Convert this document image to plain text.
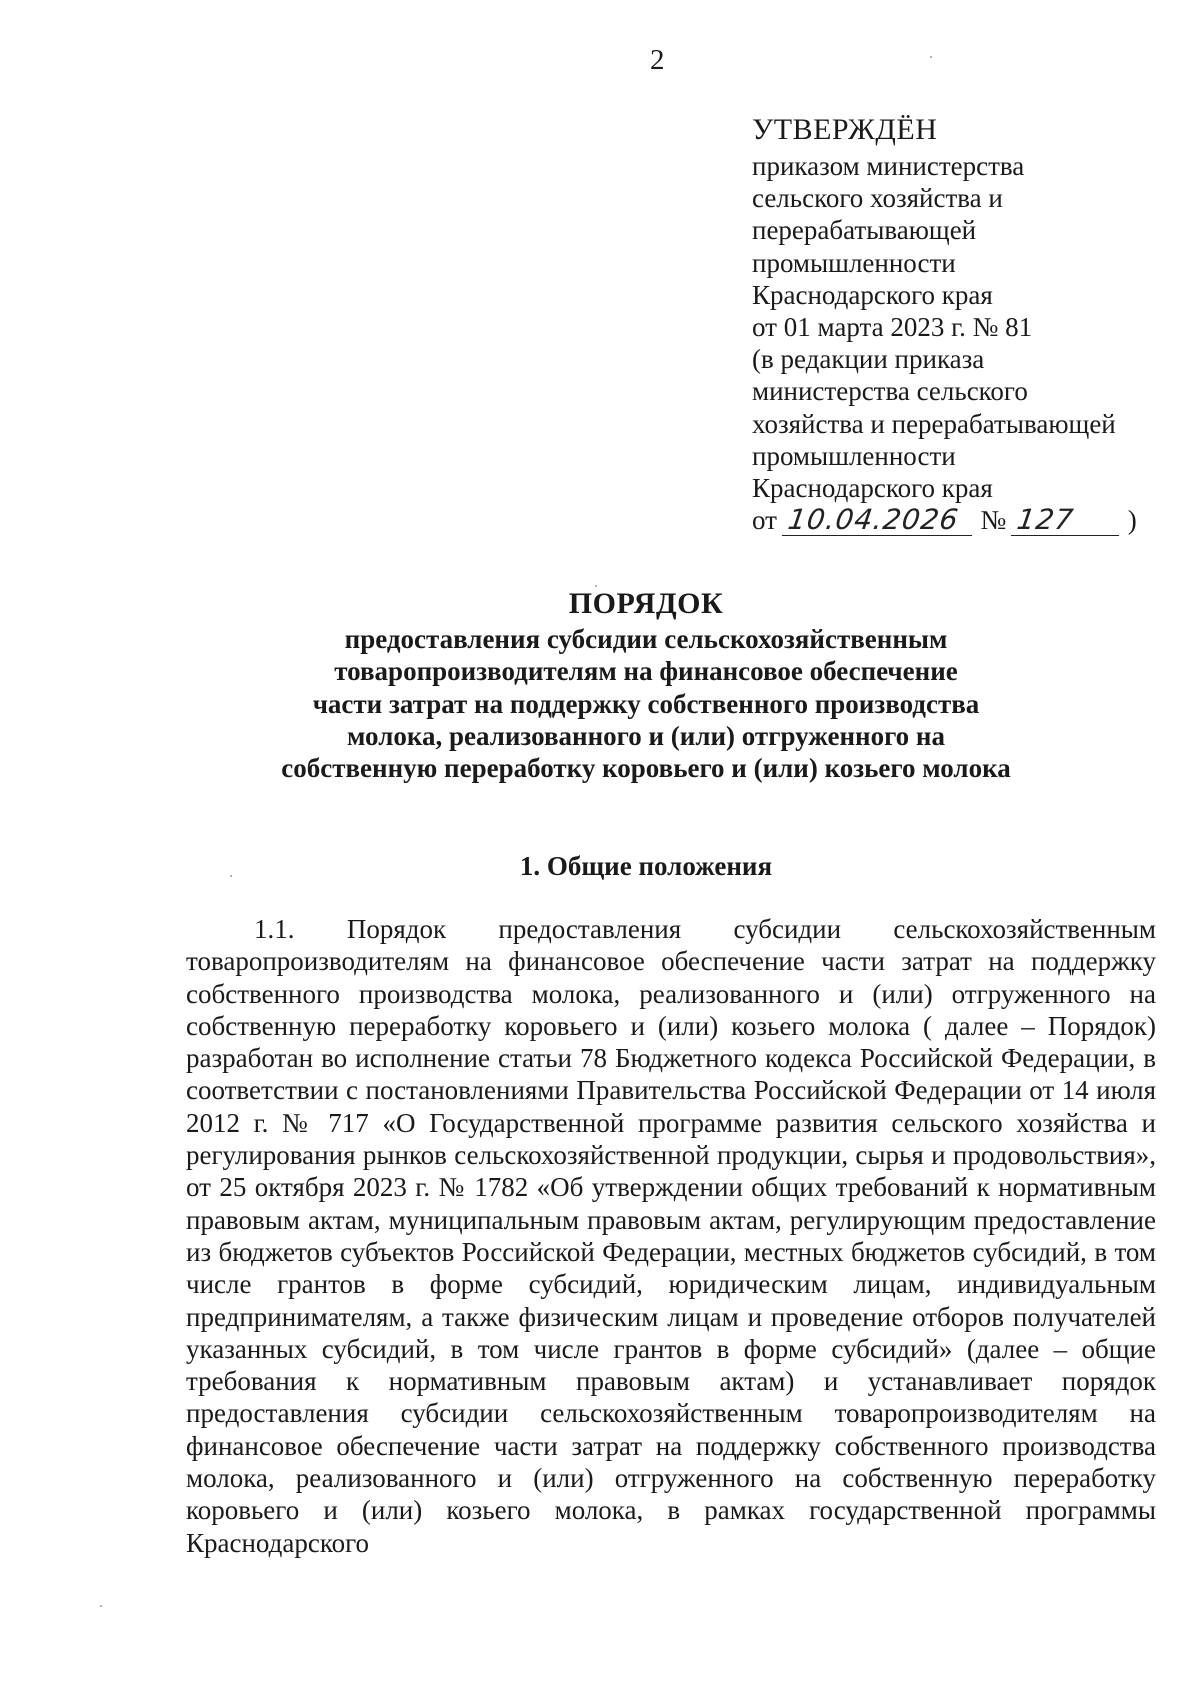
2
УТВЕРЖДЁН
приказом министерства
сельского хозяйства и
перерабатывающей
промышленности
Краснодарского края
от 01 марта 2023 г. № 81
(в редакции приказа
министерства сельского
хозяйства и перерабатывающей
промышленности
Краснодарского края
от 10.04.2026 № 127 )
ПОРЯДОК
предоставления субсидии сельскохозяйственным
товаропроизводителям на финансовое обеспечение
части затрат на поддержку собственного производства
молока, реализованного и (или) отгруженного на
собственную переработку коровьего и (или) козьего молока
1. Общие положения
1.1. Порядок предоставления субсидии сельскохозяйственным товаропроизводителям на финансовое обеспечение части затрат на поддержку собственного производства молока, реализованного и (или) отгруженного на собственную переработку коровьего и (или) козьего молока ( далее – Порядок) разработан во исполнение статьи 78 Бюджетного кодекса Российской Федерации, в соответствии с постановлениями Правительства Российской Федерации от 14 июля 2012 г. № 717 «О Государственной программе развития сельского хозяйства и регулирования рынков сельскохозяйственной продукции, сырья и продовольствия», от 25 октября 2023 г. № 1782 «Об утверждении общих требований к нормативным правовым актам, муниципальным правовым актам, регулирующим предоставление из бюджетов субъектов Российской Федерации, местных бюджетов субсидий, в том числе грантов в форме субсидий, юридическим лицам, индивидуальным предпринимателям, а также физическим лицам и проведение отборов получателей указанных субсидий, в том числе грантов в форме субсидий» (далее – общие требования к нормативным правовым актам) и устанавливает порядок предоставления субсидии сельскохозяйственным товаропроизводителям на финансовое обеспечение части затрат на поддержку собственного производства молока, реализованного и (или) отгруженного на собственную переработку коровьего и (или) козьего молока, в рамках государственной программы Краснодарского
